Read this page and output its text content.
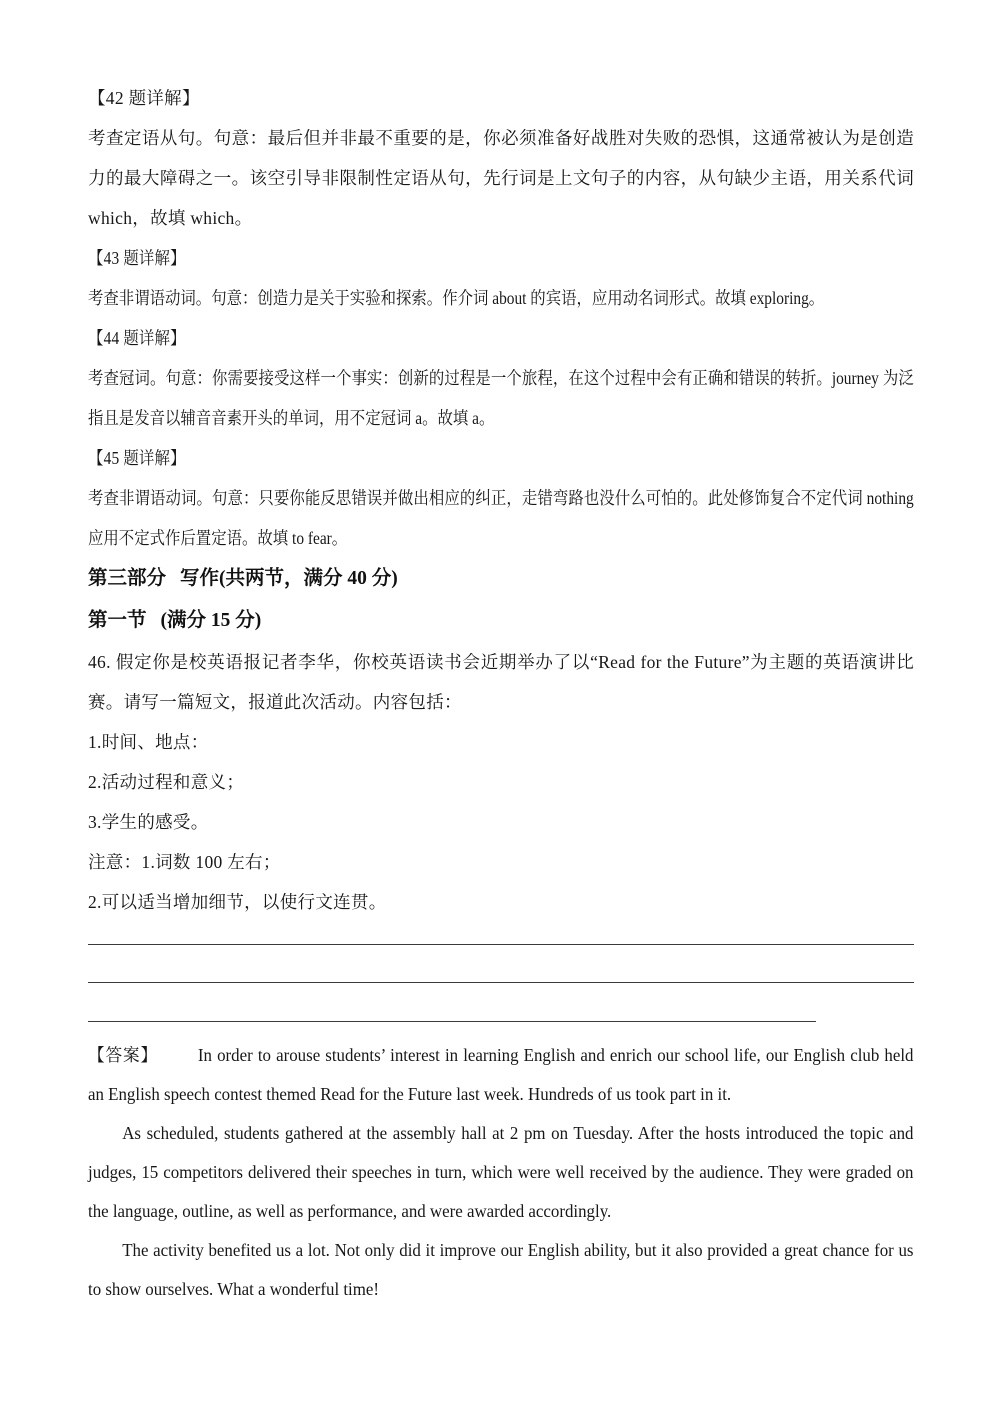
【42 题详解】
考查定语从句。句意：最后但并非最不重要的是，你必须准备好战胜对失败的恐惧，这通常被认为是创造力的最大障碍之一。该空引导非限制性定语从句，先行词是上文句子的内容，从句缺少主语，用关系代词 which，故填 which。
【43 题详解】
考查非谓语动词。句意：创造力是关于实验和探索。作介词 about 的宾语，应用动名词形式。故填 exploring。
【44 题详解】
考查冠词。句意：你需要接受这样一个事实：创新的过程是一个旅程，在这个过程中会有正确和错误的转折。journey 为泛指且是发音以辅音音素开头的单词，用不定冠词 a。故填 a。
【45 题详解】
考查非谓语动词。句意：只要你能反思错误并做出相应的纠正，走错弯路也没什么可怕的。此处修饰复合不定代词 nothing 应用不定式作后置定语。故填 to fear。
第三部分 写作(共两节，满分 40 分)
第一节 (满分 15 分)
46. 假定你是校英语报记者李华，你校英语读书会近期举办了以“Read for the Future”为主题的英语演讲比赛。请写一篇短文，报道此次活动。内容包括：
1.时间、地点：
2.活动过程和意义；
3.学生的感受。
注意：1.词数 100 左右；
2.可以适当增加细节，以使行文连贯。
【答案】 In order to arouse students’ interest in learning English and enrich our school life, our English club held an English speech contest themed Read for the Future last week. Hundreds of us took part in it.
As scheduled, students gathered at the assembly hall at 2 pm on Tuesday. After the hosts introduced the topic and judges, 15 competitors delivered their speeches in turn, which were well received by the audience. They were graded on the language, outline, as well as performance, and were awarded accordingly.
The activity benefited us a lot. Not only did it improve our English ability, but it also provided a great chance for us to show ourselves. What a wonderful time!
